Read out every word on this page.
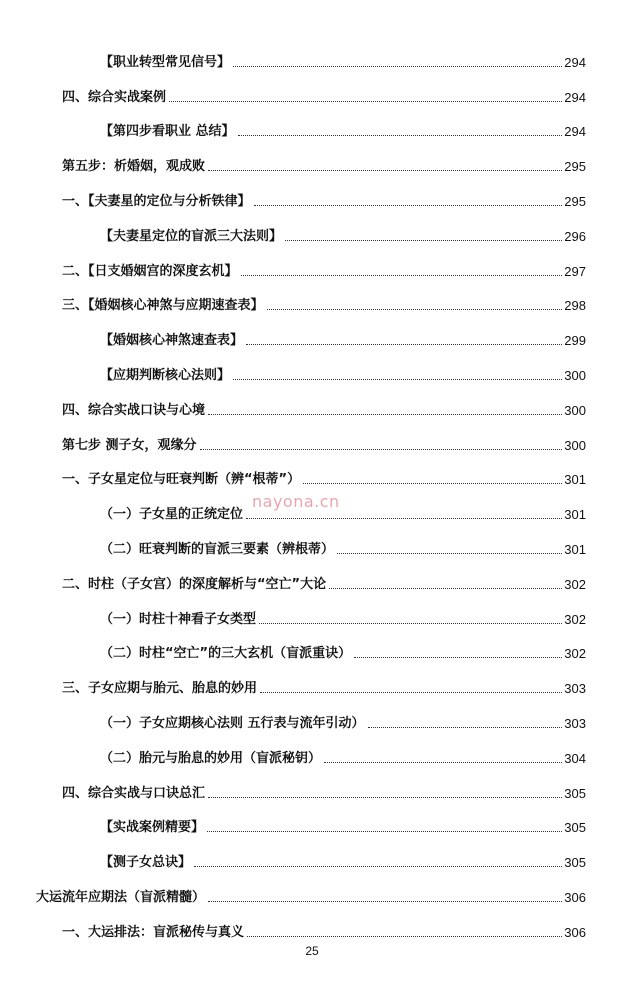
【职业转型常见信号】	294
四、综合实战案例	294
【第四步看职业 总结】	294
第五步：析婚姻，观成败	295
一、【夫妻星的定位与分析铁律】	295
【夫妻星定位的盲派三大法则】	296
二、【日支婚姻宫的深度玄机】	297
三、【婚姻核心神煞与应期速查表】	298
【婚姻核心神煞速查表】	299
【应期判断核心法则】	300
四、综合实战口诀与心境	300
第七步 测子女，观缘分	300
一、子女星定位与旺衰判断（辨“根蒂”）	301
（一）子女星的正统定位	301
（二）旺衰判断的盲派三要素（辨根蒂）	301
二、时柱（子女宫）的深度解析与“空亡”大论	302
（一）时柱十神看子女类型	302
（二）时柱“空亡”的三大玄机（盲派重诀）	302
三、子女应期与胎元、胎息的妙用	303
（一）子女应期核心法则 五行表与流年引动）	303
（二）胎元与胎息的妙用（盲派秘钥）	304
四、综合实战与口诀总汇	305
【实战案例精要】	305
【测子女总诀】	305
大运流年应期法（盲派精髓）	306
一、大运排法：盲派秘传与真义	306
nayona.cn
25
